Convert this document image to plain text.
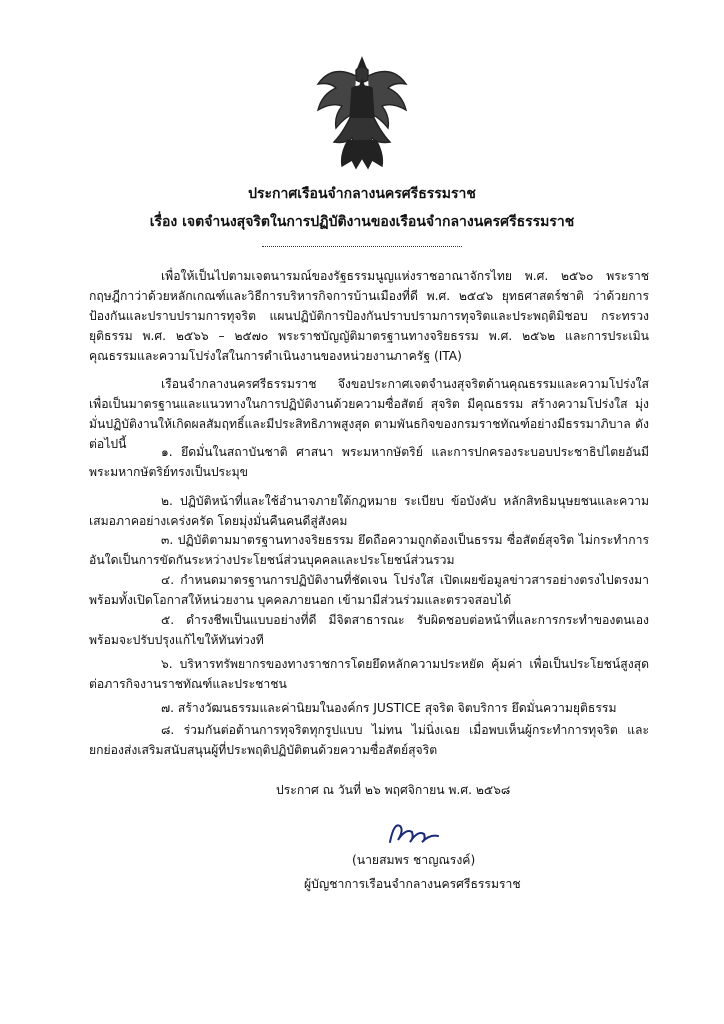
ประกาศเรือนจำกลางนครศรีธรรมราช
เรื่อง เจตจำนงสุจริตในการปฏิบัติงานของเรือนจำกลางนครศรีธรรมราช
เพื่อให้เป็นไปตามเจตนารมณ์ของรัฐธรรมนูญแห่งราชอาณาจักรไทย พ.ศ. ๒๕๖๐ พระราชกฤษฎีกาว่าด้วยหลักเกณฑ์และวิธีการบริหารกิจการบ้านเมืองที่ดี พ.ศ. ๒๕๔๖ ยุทธศาสตร์ชาติ ว่าด้วยการป้องกันและปราบปรามการทุจริต แผนปฏิบัติการป้องกันปราบปรามการทุจริตและประพฤติมิชอบ กระทรวงยุติธรรม พ.ศ. ๒๕๖๖ – ๒๕๗๐ พระราชบัญญัติมาตรฐานทางจริยธรรม พ.ศ. ๒๕๖๒ และการประเมินคุณธรรมและความโปร่งใสในการดำเนินงานของหน่วยงานภาครัฐ (ITA)
เรือนจำกลางนครศรีธรรมราช จึงขอประกาศเจตจำนงสุจริตด้านคุณธรรมและความโปร่งใส เพื่อเป็นมาตรฐานและแนวทางในการปฏิบัติงานด้วยความซื่อสัตย์ สุจริต มีคุณธรรม สร้างความโปร่งใส มุ่งมั่นปฏิบัติงานให้เกิดผลสัมฤทธิ์และมีประสิทธิภาพสูงสุด ตามพันธกิจของกรมราชทัณฑ์อย่างมีธรรมาภิบาล ดังต่อไปนี้
๑. ยึดมั่นในสถาบันชาติ ศาสนา พระมหากษัตริย์ และการปกครองระบอบประชาธิปไตยอันมีพระมหากษัตริย์ทรงเป็นประมุข
๒. ปฏิบัติหน้าที่และใช้อำนาจภายใต้กฎหมาย ระเบียบ ข้อบังคับ หลักสิทธิมนุษยชนและความเสมอภาคอย่างเคร่งครัด โดยมุ่งมั่นคืนคนดีสู่สังคม
๓. ปฏิบัติตามมาตรฐานทางจริยธรรม ยึดถือความถูกต้องเป็นธรรม ซื่อสัตย์สุจริต ไม่กระทำการอันใดเป็นการขัดกันระหว่างประโยชน์ส่วนบุคคลและประโยชน์ส่วนรวม
๔. กำหนดมาตรฐานการปฏิบัติงานที่ชัดเจน โปร่งใส เปิดเผยข้อมูลข่าวสารอย่างตรงไปตรงมาพร้อมทั้งเปิดโอกาสให้หน่วยงาน บุคคลภายนอก เข้ามามีส่วนร่วมและตรวจสอบได้
๕. ดำรงชีพเป็นแบบอย่างที่ดี มีจิตสาธารณะ รับผิดชอบต่อหน้าที่และการกระทำของตนเองพร้อมจะปรับปรุงแก้ไขให้ทันท่วงที
๖. บริหารทรัพยากรของทางราชการโดยยึดหลักความประหยัด คุ้มค่า เพื่อเป็นประโยชน์สูงสุดต่อภารกิจงานราชทัณฑ์และประชาชน
๗. สร้างวัฒนธรรมและค่านิยมในองค์กร JUSTICE สุจริต จิตบริการ ยึดมั่นความยุติธรรม
๘. ร่วมกันต่อต้านการทุจริตทุกรูปแบบ ไม่ทน ไม่นิ่งเฉย เมื่อพบเห็นผู้กระทำการทุจริต และยกย่องส่งเสริมสนับสนุนผู้ที่ประพฤติปฏิบัติตนด้วยความซื่อสัตย์สุจริต
ประกาศ ณ วันที่ ๒๖ พฤศจิกายน พ.ศ. ๒๕๖๘
(นายสมพร ชาญณรงค์)
ผู้บัญชาการเรือนจำกลางนครศรีธรรมราช
